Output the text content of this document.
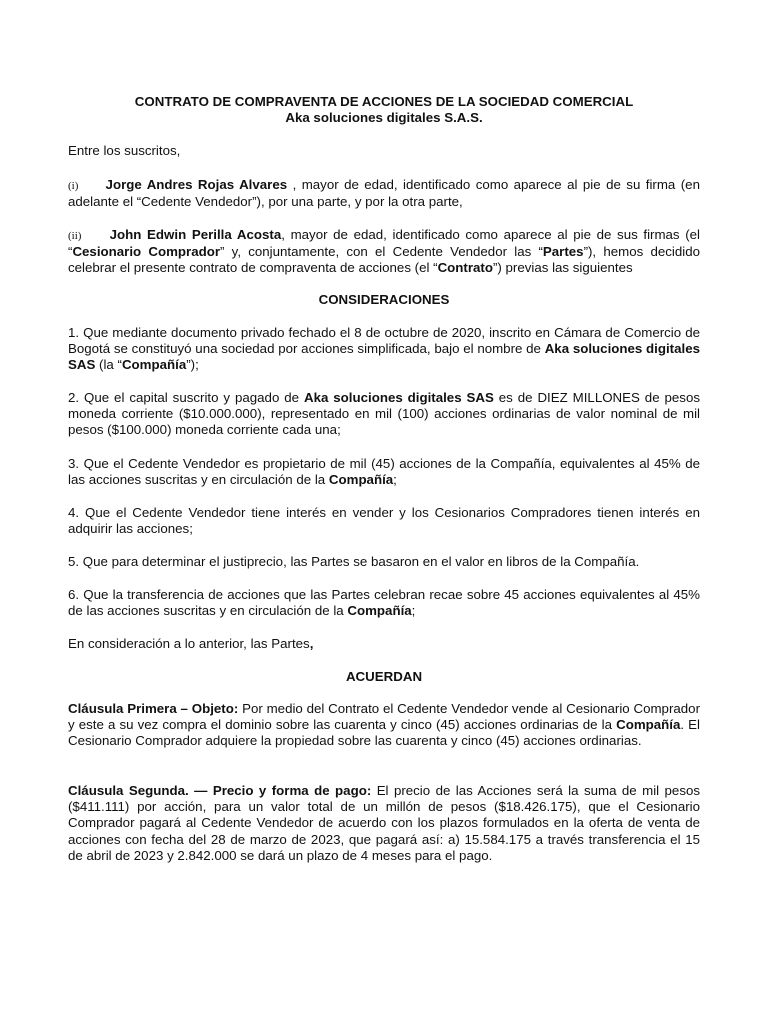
CONTRATO DE COMPRAVENTA DE ACCIONES DE LA SOCIEDAD COMERCIAL
Aka soluciones digitales S.A.S.

Entre los suscritos,

(i) Jorge Andres Rojas Alvares , mayor de edad, identificado como aparece al pie de su firma (en adelante el “Cedente Vendedor”), por una parte, y por la otra parte,

(ii) John Edwin Perilla Acosta, mayor de edad, identificado como aparece al pie de sus firmas (el “Cesionario Comprador” y, conjuntamente, con el Cedente Vendedor las “Partes”), hemos decidido celebrar el presente contrato de compraventa de acciones (el “Contrato”) previas las siguientes

CONSIDERACIONES

1. Que mediante documento privado fechado el 8 de octubre de 2020, inscrito en Cámara de Comercio de Bogotá se constituyó una sociedad por acciones simplificada, bajo el nombre de Aka soluciones digitales SAS (la “Compañía”);

2. Que el capital suscrito y pagado de Aka soluciones digitales SAS es de DIEZ MILLONES de pesos moneda corriente ($10.000.000), representado en mil (100) acciones ordinarias de valor nominal de mil pesos ($100.000) moneda corriente cada una;

3. Que el Cedente Vendedor es propietario de mil (45) acciones de la Compañía, equivalentes al 45% de las acciones suscritas y en circulación de la Compañía;

4. Que el Cedente Vendedor tiene interés en vender y los Cesionarios Compradores tienen interés en adquirir las acciones;

5. Que para determinar el justiprecio, las Partes se basaron en el valor en libros de la Compañía.

6. Que la transferencia de acciones que las Partes celebran recae sobre 45 acciones equivalentes al 45% de las acciones suscritas y en circulación de la Compañía;

En consideración a lo anterior, las Partes,

ACUERDAN

Cláusula Primera – Objeto: Por medio del Contrato el Cedente Vendedor vende al Cesionario Comprador y este a su vez compra el dominio sobre las cuarenta y cinco (45) acciones ordinarias de la Compañía. El Cesionario Comprador adquiere la propiedad sobre las cuarenta y cinco (45) acciones ordinarias.

Cláusula Segunda. — Precio y forma de pago: El precio de las Acciones será la suma de mil pesos ($411.111) por acción, para un valor total de un millón de pesos ($18.426.175), que el Cesionario Comprador pagará al Cedente Vendedor de acuerdo con los plazos formulados en la oferta de venta de acciones con fecha del 28 de marzo de 2023, que pagará así: a) 15.584.175 a través transferencia el 15 de abril de 2023 y 2.842.000 se dará un plazo de 4 meses para el pago.
